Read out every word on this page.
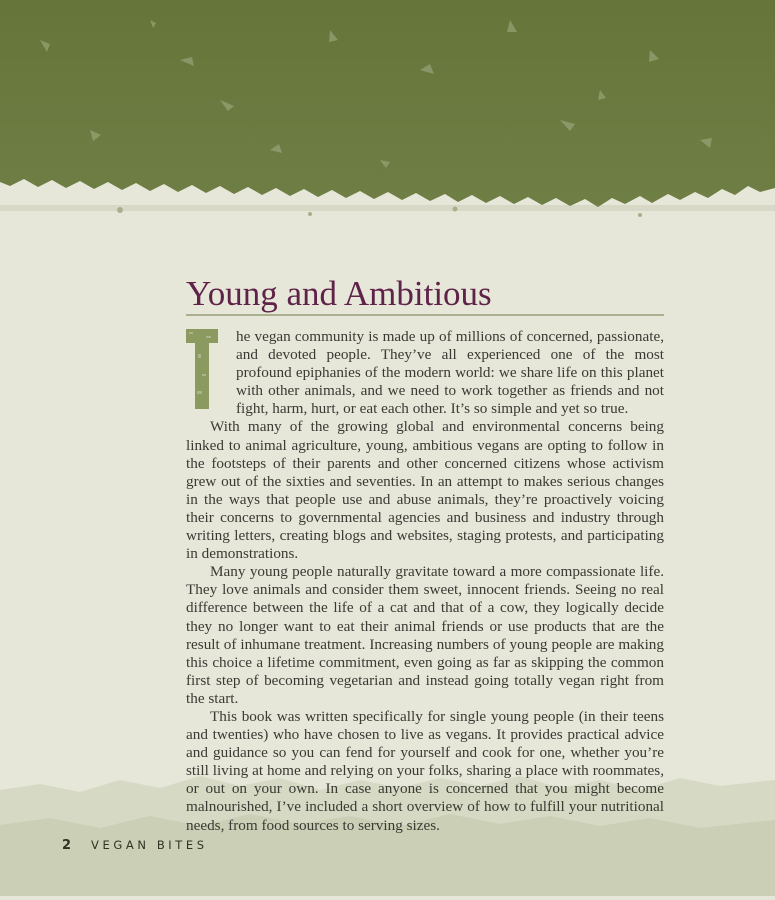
Young and Ambitious

he vegan community is made up of millions of concerned, passionate, and devoted people. They’ve all experienced one of the most profound epiphanies of the modern world: we share life on this planet with other animals, and we need to work together as friends and not fight, harm, hurt, or eat each other. It’s so simple and yet so true.

With many of the growing global and environmental concerns being linked to animal agriculture, young, ambitious vegans are opting to follow in the footsteps of their parents and other concerned citizens whose activism grew out of the sixties and seventies. In an attempt to makes serious changes in the ways that people use and abuse animals, they’re proactively voicing their concerns to governmental agencies and business and industry through writing letters, creating blogs and websites, staging protests, and participating in demonstrations.

Many young people naturally gravitate toward a more compassionate life. They love animals and consider them sweet, innocent friends. Seeing no real difference between the life of a cat and that of a cow, they logically decide they no longer want to eat their animal friends or use products that are the result of inhumane treatment. Increasing numbers of young people are making this choice a lifetime commitment, even going as far as skipping the common first step of becoming vegetarian and instead going totally vegan right from the start.

This book was written specifically for single young people (in their teens and twenties) who have chosen to live as vegans. It provides practical advice and guidance so you can fend for yourself and cook for one, whether you’re still living at home and relying on your folks, sharing a place with roommates, or out on your own. In case anyone is concerned that you might become malnourished, I’ve included a short overview of how to fulfill your nutritional needs, from food sources to serving sizes.

2 VEGAN BITES
